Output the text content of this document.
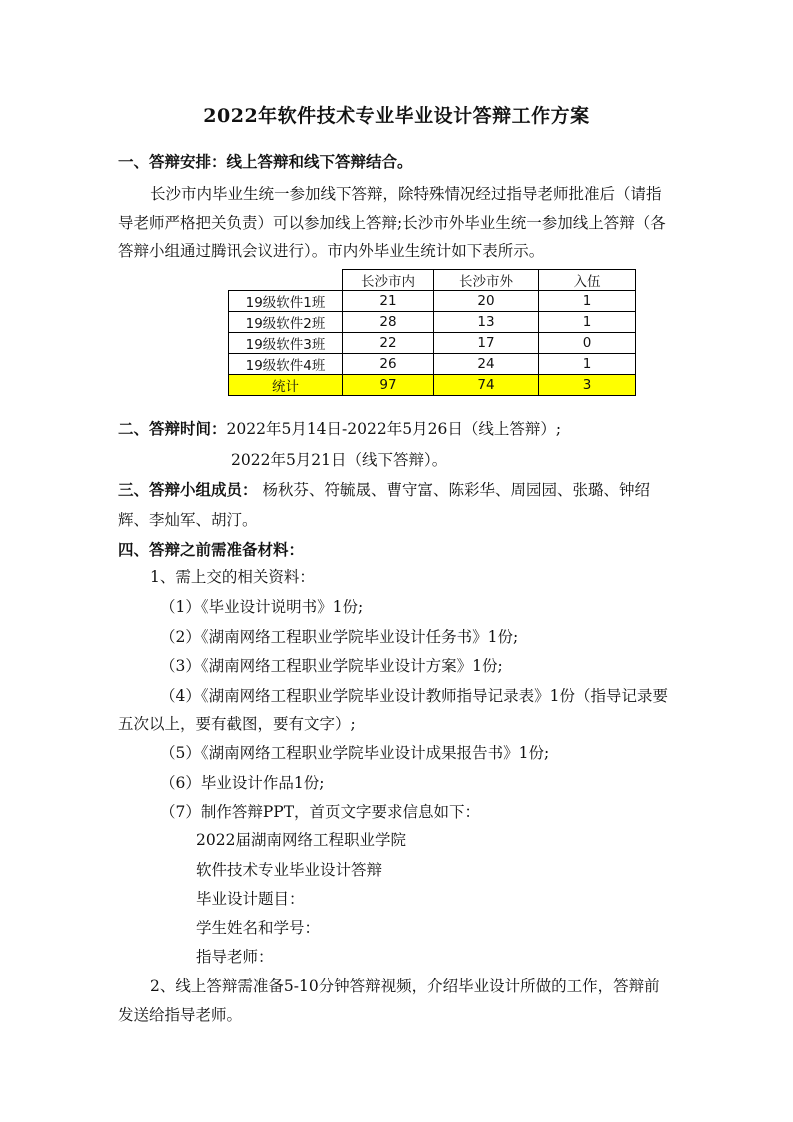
2022年软件技术专业毕业设计答辩工作方案
一、答辩安排：线上答辩和线下答辩结合。
长沙市内毕业生统一参加线下答辩，除特殊情况经过指导老师批准后（请指
导老师严格把关负责）可以参加线上答辩;长沙市外毕业生统一参加线上答辩（各
答辩小组通过腾讯会议进行）。市内外毕业生统计如下表所示。
	长沙市内	长沙市外	入伍
19级软件1班	21	20	1
19级软件2班	28	13	1
19级软件3班	22	17	0
19级软件4班	26	24	1
统计	97	74	3
二、答辩时间：2022年5月14日-2022年5月26日（线上答辩）;
2022年5月21日（线下答辩）。
三、答辩小组成员： 杨秋芬、符毓晟、曹守富、陈彩华、周园园、张璐、钟绍
辉、李灿军、胡汀。
四、答辩之前需准备材料：
1、需上交的相关资料：
（1）《毕业设计说明书》1份;
（2）《湖南网络工程职业学院毕业设计任务书》1份;
（3）《湖南网络工程职业学院毕业设计方案》1份;
（4）《湖南网络工程职业学院毕业设计教师指导记录表》1份（指导记录要
五次以上，要有截图，要有文字）;
（5）《湖南网络工程职业学院毕业设计成果报告书》1份;
（6）毕业设计作品1份;
（7）制作答辩PPT，首页文字要求信息如下：
2022届湖南网络工程职业学院
软件技术专业毕业设计答辩
毕业设计题目：
学生姓名和学号：
指导老师：
2、线上答辩需准备5-10分钟答辩视频，介绍毕业设计所做的工作，答辩前
发送给指导老师。
